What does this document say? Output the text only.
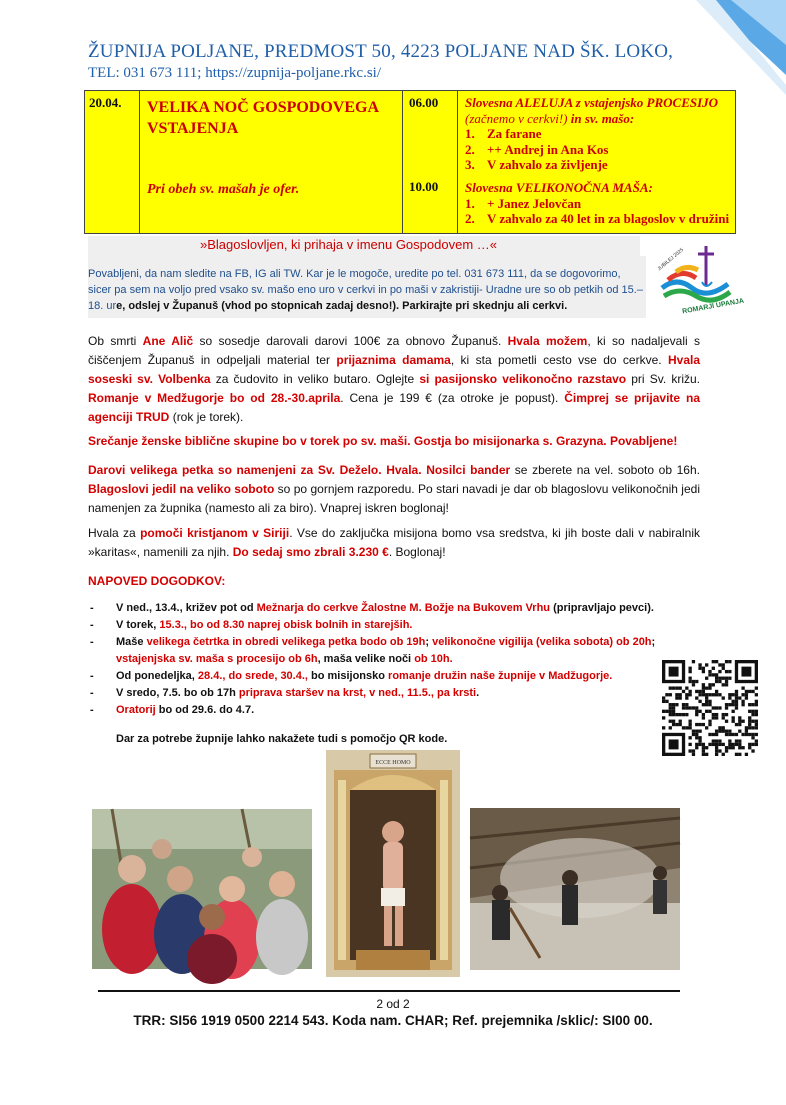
ŽUPNIJA POLJANE, PREDMOST 50, 4223 POLJANE NAD ŠK. LOKO,
TEL: 031 673 111; https://zupnija-poljane.rkc.si/
20.04. VELIKA NOČ GOSPODOVEGA VSTAJENJA
Pri obeh sv. mašah je ofer.
06.00
10.00
Slovesna ALELUJA z vstajenjsko PROCESIJO
(začnemo v cerkvi!) in sv. mašo:
1. Za farane
2. ++ Andrej in Ana Kos
3. V zahvalo za življenje
Slovesna VELIKONOČNA MAŠA:
1. + Janez Jelovčan
2. V zahvalo za 40 let in za blagoslov v družini
»Blagoslovljen, ki prihaja v imenu Gospodovem …«

Povabljeni, da nam sledite na FB, IG ali TW. Kar je le mogoče, uredite po tel. 031 673 111, da se dogovorimo, sicer pa sem na voljo pred vsako sv. mašo eno uro v cerkvi in po maši v zakristiji- Uradne ure so ob petkih od 15.–18. ure, odslej v Županuš (vhod po stopnicah zadaj desno!). Parkirajte pri skednju ali cerkvi.

JUBILEJ 2025
ROMARJI UPANJA
Ob smrti Ane Alič so sosedje darovali darovi 100€ za obnovo Županuš. Hvala možem, ki so nadaljevali s čiščenjem Županuš in odpeljali material ter prijaznima damama, ki sta pometli cesto vse do cerkve. Hvala soseski sv. Volbenka za čudovito in veliko butaro. Oglejte si pasijonsko velikonočno razstavo pri Sv. križu. Romanje v Medžugorje bo od 28.-30.aprila. Cena je 199 € (za otroke je popust). Čimprej se prijavite na agenciji TRUD (rok je torek).
Srečanje ženske biblične skupine bo v torek po sv. maši. Gostja bo misijonarka s. Grazyna. Povabljene!
Darovi velikega petka so namenjeni za Sv. Deželo. Hvala. Nosilci bander se zberete na vel. soboto ob 16h. Blagoslovi jedil na veliko soboto so po gornjem razporedu. Po stari navadi je dar ob blagoslovu velikonočnih jedi namenjen za župnika (namesto ali za biro). Vnaprej iskren boglonaj!
Hvala za pomoči kristjanom v Siriji. Vse do zaključka misijona bomo vsa sredstva, ki jih boste dali v nabiralnik »karitas«, namenili za njih. Do sedaj smo zbrali 3.230 €. Boglonaj!
NAPOVED DOGODKOV:
- V ned., 13.4., križev pot od Mežnarja do cerkve Žalostne M. Božje na Bukovem Vrhu (pripravljajo pevci).
- V torek, 15.3., bo od 8.30 naprej obisk bolnih in starejših.
- Maše velikega četrtka in obredi velikega petka bodo ob 19h; velikonočne vigilija (velika sobota) ob 20h; vstajenjska sv. maša s procesijo ob 6h, maša velike noči ob 10h.
- Od ponedeljka, 28.4., do srede, 30.4., bo misijonsko romanje družin naše župnije v Madžugorje.
- V sredo, 7.5. bo ob 17h priprava staršev na krst, v ned., 11.5., pa krsti.
- Oratorij bo od 29.6. do 4.7.
Dar za potrebe župnije lahko nakažete tudi s pomočjo QR kode.
ECCE HOMO
2 od 2
TRR: SI56 1919 0500 2214 543. Koda nam. CHAR; Ref. prejemnika /sklic/: SI00 00.
